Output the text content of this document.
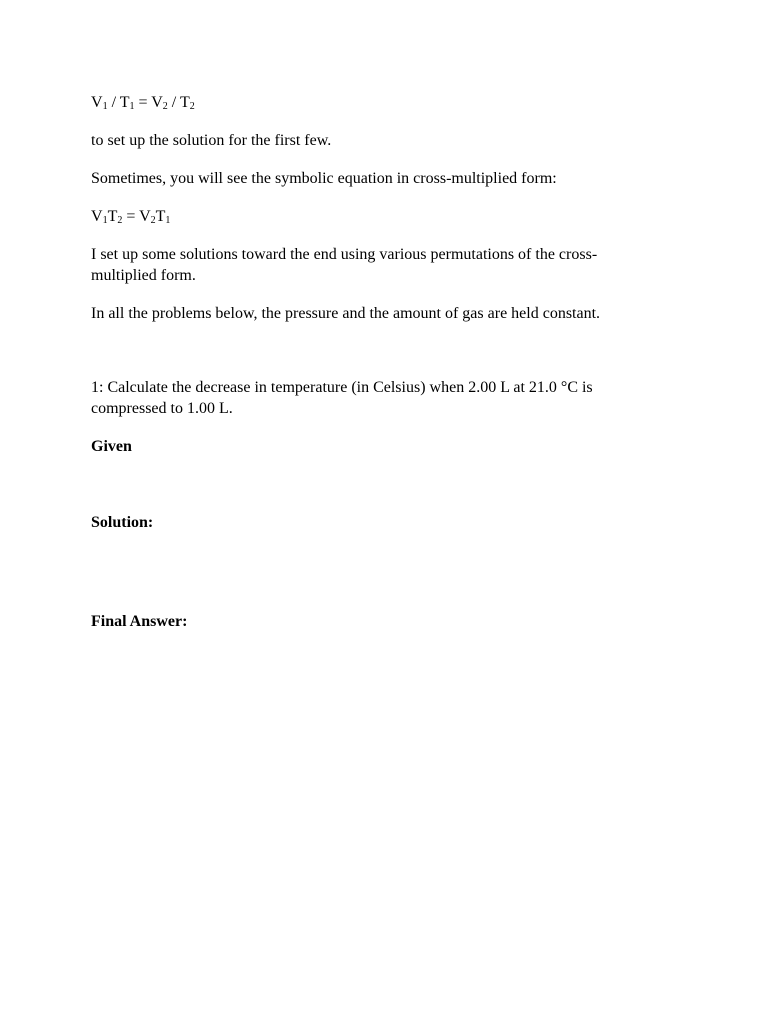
$V_1 / T_1 = V_2 / T_2$

to set up the solution for the first few.

Sometimes, you will see the symbolic equation in cross-multiplied form:

$V_1T_2 = V_2T_1$

I set up some solutions toward the end using various permutations of the cross-multiplied form.

In all the problems below, the pressure and the amount of gas are held constant.

1: Calculate the decrease in temperature (in Celsius) when 2.00 L at 21.0 °C is compressed to 1.00 L.

Given

Solution:

Final Answer:
